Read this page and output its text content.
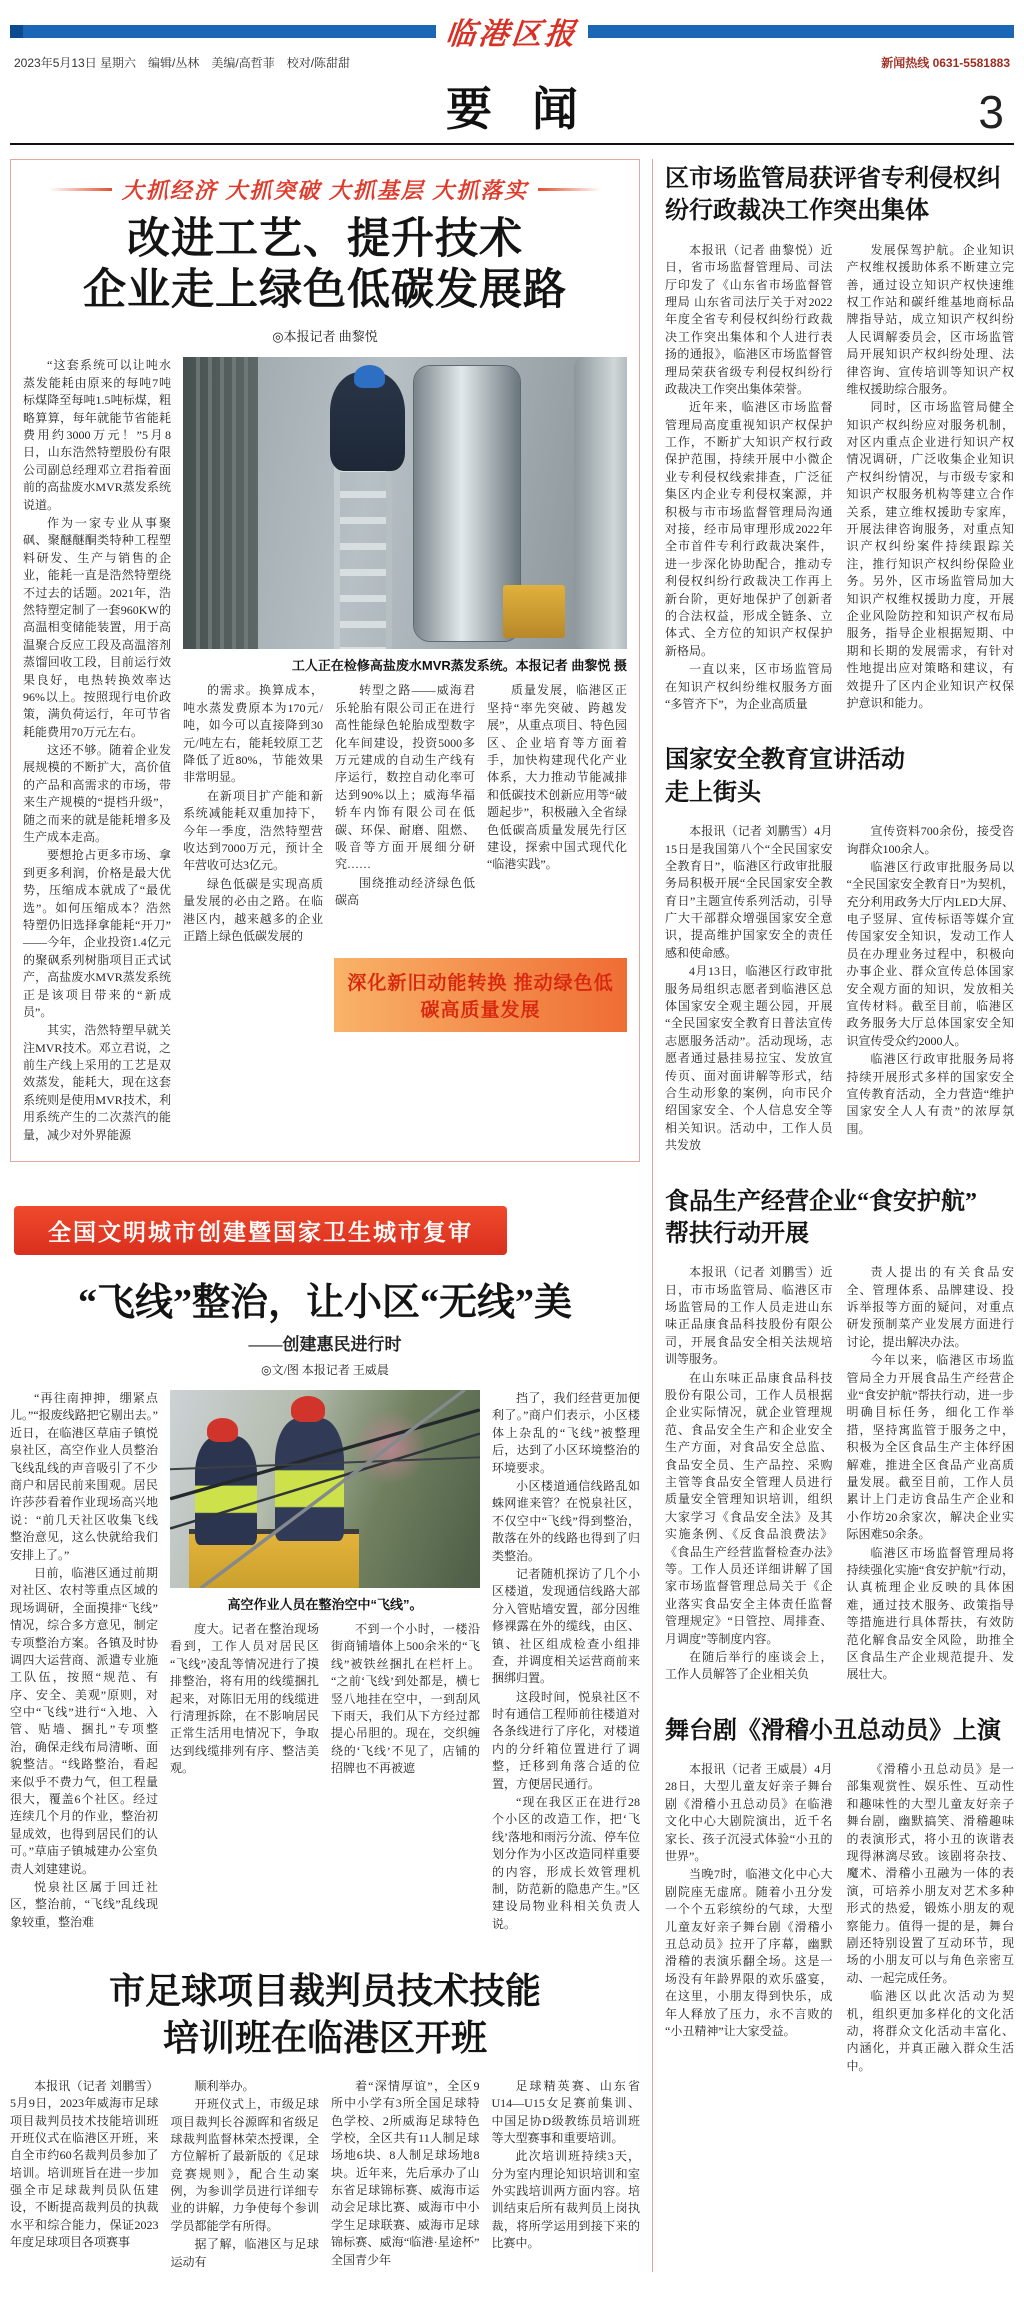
临港区报
2023年5月13日 星期六　编辑/丛林　美编/高哲菲　校对/陈甜甜	新闻热线 0631-5581883
要闻	3
大抓经济 大抓突破 大抓基层 大抓落实
改进工艺、提升技术
企业走上绿色低碳发展路
◎本报记者 曲黎悦

“这套系统可以让吨水蒸发能耗由原来的每吨7吨标煤降至每吨1.5吨标煤，粗略算算，每年就能节省能耗费用约3000万元！”5月8日，山东浩然特塑股份有限公司副总经理邓立君指着面前的高盐废水MVR蒸发系统说道。

作为一家专业从事聚砜、聚醚醚酮类特种工程塑料研发、生产与销售的企业，能耗一直是浩然特塑绕不过去的话题。2021年，浩然特塑定制了一套960KW的高温相变储能装置，用于高温聚合反应工段及高温溶剂蒸馏回收工段，目前运行效果良好，电热转换效率达96%以上。按照现行电价政策，满负荷运行，年可节省耗能费用70万元左右。

这还不够。随着企业发展规模的不断扩大，高价值的产品和高需求的市场，带来生产规模的“提档升级”，随之而来的就是能耗增多及生产成本走高。

要想抢占更多市场、拿到更多利润，价格是最大优势，压缩成本就成了“最优选”。如何压缩成本？浩然特塑仍旧选择拿能耗“开刀”——今年，企业投资1.4亿元的聚砜系列树脂项目正式试产，高盐废水MVR蒸发系统正是该项目带来的“新成员”。

其实，浩然特塑早就关注MVR技术。邓立君说，之前生产线上采用的工艺是双效蒸发，能耗大，现在这套系统则是使用MVR技术，利用系统产生的二次蒸汽的能量，减少对外界能源

工人正在检修高盐废水MVR蒸发系统。本报记者 曲黎悦 摄

的需求。换算成本，吨水蒸发费原本为170元/吨，如今可以直接降到30元/吨左右，能耗较原工艺降低了近80%，节能效果非常明显。

在新项目扩产能和新系统减能耗双重加持下，今年一季度，浩然特塑营收达到7000万元，预计全年营收可达3亿元。

绿色低碳是实现高质量发展的必由之路。在临港区内，越来越多的企业正踏上绿色低碳发展的

转型之路——威海君乐轮胎有限公司正在进行高性能绿色轮胎成型数字化车间建设，投资5000多万元建成的自动生产线有序运行，数控自动化率可达到90%以上；威海华福轿车内饰有限公司在低碳、环保、耐磨、阻燃、吸音等方面开展细分研究……

围绕推动经济绿色低碳高

质量发展，临港区正坚持“率先突破、跨越发展”，从重点项目、特色园区、企业培育等方面着手，加快构建现代化产业体系，大力推动节能减排和低碳技术创新应用等“破题起步”，积极融入全省绿色低碳高质量发展先行区建设，探索中国式现代化“临港实践”。

深化新旧动能转换 推动绿色低碳高质量发展
全国文明城市创建暨国家卫生城市复审
“飞线”整治，让小区“无线”美
——创建惠民进行时
◎文/图 本报记者 王威晨

“再往南抻抻，绷紧点儿。”“报废线路把它剔出去。”近日，在临港区草庙子镇悦泉社区，高空作业人员整治飞线乱线的声音吸引了不少商户和居民前来围观。居民许莎莎看着作业现场高兴地说：“前几天社区收集飞线整治意见，这么快就给我们安排上了。”

日前，临港区通过前期对社区、农村等重点区域的现场调研，全面摸排“飞线”情况，综合多方意见，制定专项整治方案。各镇及时协调四大运营商、派遣专业施工队伍，按照“规范、有序、安全、美观”原则，对空中“飞线”进行“入地、入管、贴墙、捆扎”专项整治，确保走线布局清晰、面貌整洁。“线路整治，看起来似乎不费力气，但工程量很大，覆盖6个社区。经过连续几个月的作业，整治初显成效，也得到居民们的认可。”草庙子镇城建办公室负责人刘建建说。

悦泉社区属于回迁社区，整治前，“飞线”乱线现象较重，整治难

高空作业人员在整治空中“飞线”。

度大。记者在整治现场看到，工作人员对居民区“飞线”凌乱等情况进行了摸排整治，将有用的线缆捆扎起来，对陈旧无用的线缆进行清理拆除，在不影响居民正常生活用电情况下，争取达到线缆排列有序、整洁美观。

不到一个小时，一楼沿街商铺墙体上500余米的“飞线”被铁丝捆扎在栏杆上。“之前‘飞线’到处都是，横七竖八地挂在空中，一到刮风下雨天，我们从下方经过都提心吊胆的。现在，交织缠绕的‘飞线’不见了，店铺的招牌也不再被遮

挡了，我们经营更加便利了。”商户们表示，小区楼体上杂乱的“飞线”被整理后，达到了小区环境整治的环境要求。

小区楼道通信线路乱如蛛网谁来管？在悦泉社区，不仅空中“飞线”得到整治，散落在外的线路也得到了归类整治。

记者随机探访了几个小区楼道，发现通信线路大部分入管贴墙安置，部分因维修裸露在外的缆线，由区、镇、社区组成检查小组排查，并调度相关运营商前来捆绑归置。

这段时间，悦泉社区不时有通信工程师前往楼道对各条线进行了序化，对楼道内的分纤箱位置进行了调整，迁移到角落合适的位置，方便居民通行。

“现在我区正在进行28个小区的改造工作，把‘飞线’落地和雨污分流、停车位划分作为小区改造同样重要的内容，形成长效管理机制，防范新的隐患产生。”区建设局物业科相关负责人说。

市足球项目裁判员技术技能
培训班在临港区开班

本报讯（记者 刘鹏雪）5月9日，2023年威海市足球项目裁判员技术技能培训班开班仪式在临港区开班，来自全市约60名裁判员参加了培训。培训班旨在进一步加强全市足球裁判员队伍建设，不断提高裁判员的执裁水平和综合能力，保证2023年度足球项目各项赛事

顺利举办。

开班仪式上，市级足球项目裁判长谷源晖和省级足球裁判监督林荣杰授课，全方位解析了最新版的《足球竞赛规则》，配合生动案例，为参训学员进行详细专业的讲解，力争使每个参训学员都能学有所得。

据了解，临港区与足球运动有

着“深情厚谊”，全区9所中小学有3所全国足球特色学校、2所威海足球特色学校，全区共有11人制足球场地6块、8人制足球场地8块。近年来，先后承办了山东省足球锦标赛、威海市运动会足球比赛、威海市中小学生足球联赛、威海市足球锦标赛、威海“临港·星途杯”全国青少年

足球精英赛、山东省U14—U15女足赛前集训、中国足协D级教练员培训班等大型赛事和重要培训。

此次培训班持续3天，分为室内理论知识培训和室外实践培训两方面内容。培训结束后所有裁判员上岗执裁，将所学运用到接下来的比赛中。

区市场监管局获评省专利侵权纠纷行政裁决工作突出集体

本报讯（记者 曲黎悦）近日，省市场监督管理局、司法厅印发了《山东省市场监督管理局 山东省司法厅关于对2022年度全省专利侵权纠纷行政裁决工作突出集体和个人进行表扬的通报》，临港区市场监督管理局荣获省级专利侵权纠纷行政裁决工作突出集体荣誉。

近年来，临港区市场监督管理局高度重视知识产权保护工作，不断扩大知识产权行政保护范围，持续开展中小微企业专利侵权线索排查，广泛征集区内企业专利侵权案源，并积极与市市场监督管理局沟通对接，经市局审理形成2022年全市首件专利行政裁决案件，进一步深化协助配合，推动专利侵权纠纷行政裁决工作再上新台阶，更好地保护了创新者的合法权益，形成全链条、立体式、全方位的知识产权保护新格局。

一直以来，区市场监管局在知识产权纠纷维权服务方面“多管齐下”，为企业高质量

发展保驾护航。企业知识产权维权援助体系不断建立完善，通过设立知识产权快速维权工作站和碳纤维基地商标品牌指导站，成立知识产权纠纷人民调解委员会，区市场监管局开展知识产权纠纷处理、法律咨询、宣传培训等知识产权维权援助综合服务。

同时，区市场监管局健全知识产权纠纷应对服务机制，对区内重点企业进行知识产权情况调研，广泛收集企业知识产权纠纷情况，与市级专家和知识产权服务机构等建立合作关系，建立维权援助专家库，开展法律咨询服务，对重点知识产权纠纷案件持续跟踪关注，推行知识产权纠纷保险业务。另外，区市场监管局加大知识产权维权援助力度，开展企业风险防控和知识产权布局服务，指导企业根据短期、中期和长期的发展需求，有针对性地提出应对策略和建议，有效提升了区内企业知识产权保护意识和能力。

国家安全教育宣讲活动
走上街头

本报讯（记者 刘鹏雪）4月15日是我国第八个“全民国家安全教育日”，临港区行政审批服务局积极开展“全民国家安全教育日”主题宣传系列活动，引导广大干部群众增强国家安全意识，提高维护国家安全的责任感和使命感。

4月13日，临港区行政审批服务局组织志愿者到临港区总体国家安全观主题公园，开展“全民国家安全教育日普法宣传志愿服务活动”。活动现场，志愿者通过悬挂易拉宝、发放宣传页、面对面讲解等形式，结合生动形象的案例，向市民介绍国家安全、个人信息安全等相关知识。活动中，工作人员共发放

宣传资料700余份，接受咨询群众100余人。

临港区行政审批服务局以“全民国家安全教育日”为契机，充分利用政务大厅内LED大屏、电子竖屏、宣传标语等媒介宣传国家安全知识，发动工作人员在办理业务过程中，积极向办事企业、群众宣传总体国家安全观方面的知识，发放相关宣传材料。截至目前，临港区政务服务大厅总体国家安全知识宣传受众约2000人。

临港区行政审批服务局将持续开展形式多样的国家安全宣传教育活动，全力营造“维护国家安全人人有责”的浓厚氛围。

食品生产经营企业“食安护航”
帮扶行动开展

本报讯（记者 刘鹏雪）近日，市市场监管局、临港区市场监管局的工作人员走进山东味正品康食品科技股份有限公司，开展食品安全相关法规培训等服务。

在山东味正品康食品科技股份有限公司，工作人员根据企业实际情况，就企业管理规范、食品安全生产和企业安全生产方面，对食品安全总监、食品安全员、生产品控、采购主管等食品安全管理人员进行质量安全管理知识培训，组织大家学习《食品安全法》及其实施条例、《反食品浪费法》《食品生产经营监督检查办法》等。工作人员还详细讲解了国家市场监督管理总局关于《企业落实食品安全主体责任监督管理规定》“日管控、周排查、月调度”等制度内容。

在随后举行的座谈会上，工作人员解答了企业相关负

责人提出的有关食品安全、管理体系、品牌建设、投诉举报等方面的疑问，对重点研发预制菜产业发展方面进行讨论，提出解决办法。

今年以来，临港区市场监管局全力开展食品生产经营企业“食安护航”帮扶行动，进一步明确目标任务，细化工作举措，坚持寓监管于服务之中，积极为全区食品生产主体纾困解难，推进全区食品产业高质量发展。截至目前，工作人员累计上门走访食品生产企业和小作坊20余家次，解决企业实际困难50余条。

临港区市场监督管理局将持续强化实施“食安护航”行动，认真梳理企业反映的具体困难，通过技术服务、政策指导等措施进行具体帮扶，有效防范化解食品安全风险，助推全区食品生产企业规范提升、发展壮大。

舞台剧《滑稽小丑总动员》上演

本报讯（记者 王威晨）4月28日，大型儿童友好亲子舞台剧《滑稽小丑总动员》在临港文化中心大剧院演出，近千名家长、孩子沉浸式体验“小丑的世界”。

当晚7时，临港文化中心大剧院座无虚席。随着小丑分发一个个五彩缤纷的气球，大型儿童友好亲子舞台剧《滑稽小丑总动员》拉开了序幕，幽默滑稽的表演乐翻全场。这是一场没有年龄界限的欢乐盛宴，在这里，小朋友得到快乐，成年人释放了压力，永不言败的“小丑精神”让大家受益。

《滑稽小丑总动员》是一部集观赏性、娱乐性、互动性和趣味性的大型儿童友好亲子舞台剧，幽默搞笑、滑稽趣味的表演形式，将小丑的诙谐表现得淋漓尽致。该剧将杂技、魔术、滑稽小丑融为一体的表演，可培养小朋友对艺术多种形式的热爱，锻炼小朋友的观察能力。值得一提的是，舞台剧还特别设置了互动环节，现场的小朋友可以与角色亲密互动、一起完成任务。

临港区以此次活动为契机，组织更加多样化的文化活动，将群众文化活动丰富化、内涵化，并真正融入群众生活中。
